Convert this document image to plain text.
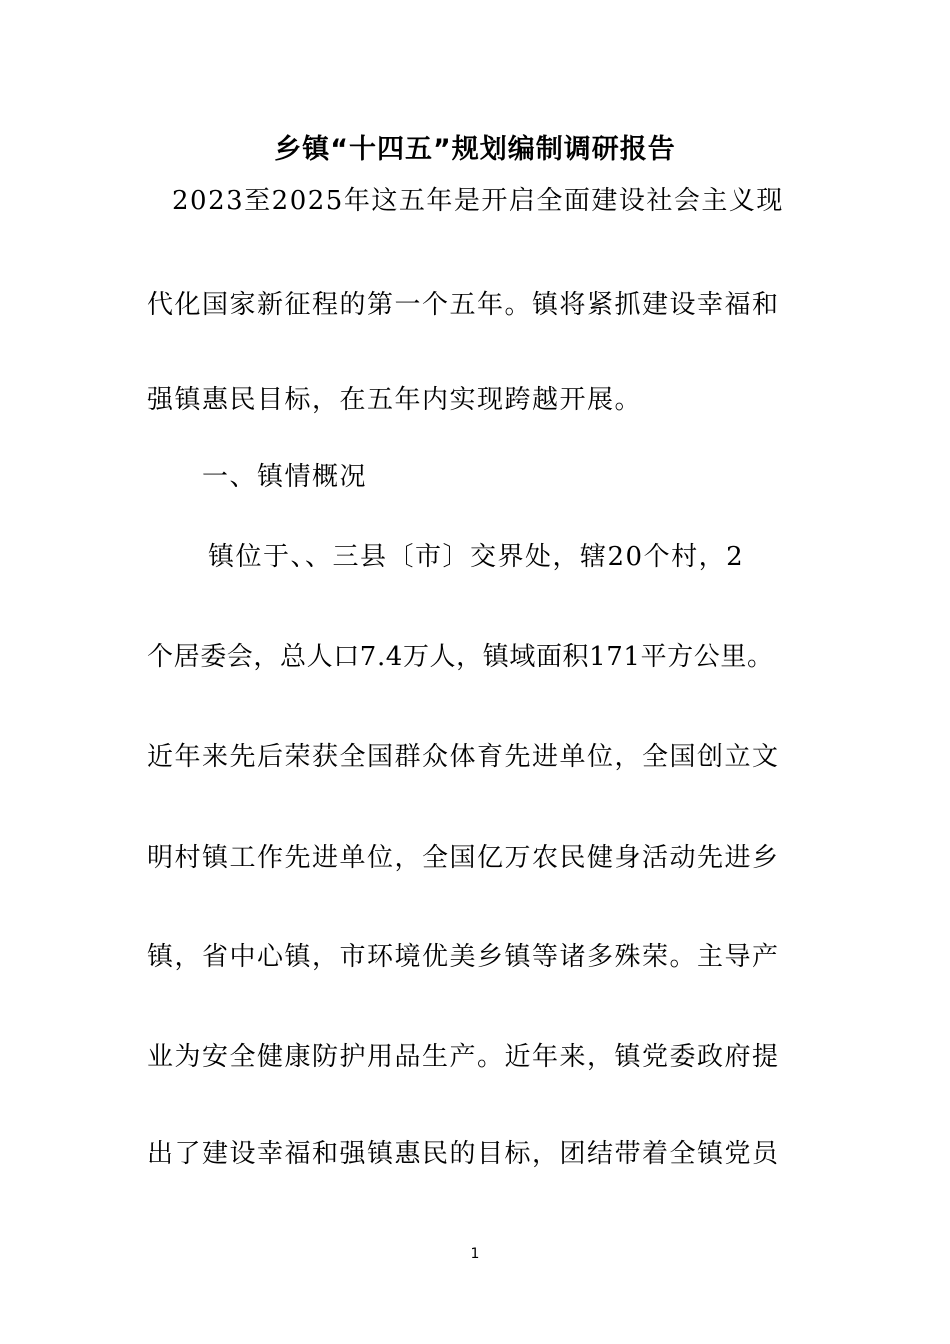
乡镇“十四五”规划编制调研报告
2023至2025年这五年是开启全面建设社会主义现
代化国家新征程的第一个五年。镇将紧抓建设幸福和
强镇惠民目标，在五年内实现跨越开展。
一、镇情概况
镇位于、、三县〔市〕交界处，辖20个村，2
个居委会，总人口7.4万人，镇域面积171平方公里。
近年来先后荣获全国群众体育先进单位，全国创立文
明村镇工作先进单位，全国亿万农民健身活动先进乡
镇，省中心镇，市环境优美乡镇等诸多殊荣。主导产
业为安全健康防护用品生产。近年来，镇党委政府提
出了建设幸福和强镇惠民的目标，团结带着全镇党员
1
